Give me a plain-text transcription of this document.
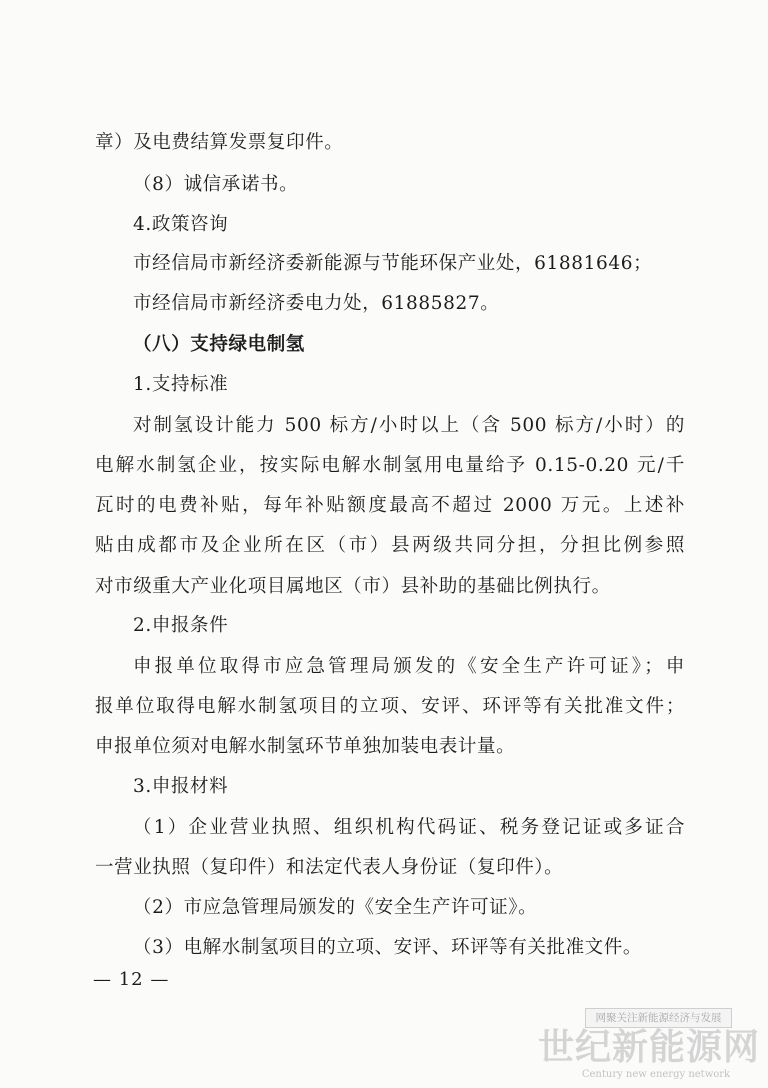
章）及电费结算发票复印件。
（8）诚信承诺书。
4.政策咨询
市经信局市新经济委新能源与节能环保产业处，61881646；
市经信局市新经济委电力处，61885827。
（八）支持绿电制氢
1.支持标准
对制氢设计能力 500 标方/小时以上（含 500 标方/小时）的
电解水制氢企业，按实际电解水制氢用电量给予 0.15-0.20 元/千
瓦时的电费补贴，每年补贴额度最高不超过 2000 万元。上述补
贴由成都市及企业所在区（市）县两级共同分担，分担比例参照
对市级重大产业化项目属地区（市）县补助的基础比例执行。
2.申报条件
申报单位取得市应急管理局颁发的《安全生产许可证》；申
报单位取得电解水制氢项目的立项、安评、环评等有关批准文件；
申报单位须对电解水制氢环节单独加装电表计量。
3.申报材料
（1）企业营业执照、组织机构代码证、税务登记证或多证合
一营业执照（复印件）和法定代表人身份证（复印件）。
（2）市应急管理局颁发的《安全生产许可证》。
（3）电解水制氢项目的立项、安评、环评等有关批准文件。
— 12 —
网聚关注新能源经济与发展
世纪新能源网
Century new energy network
